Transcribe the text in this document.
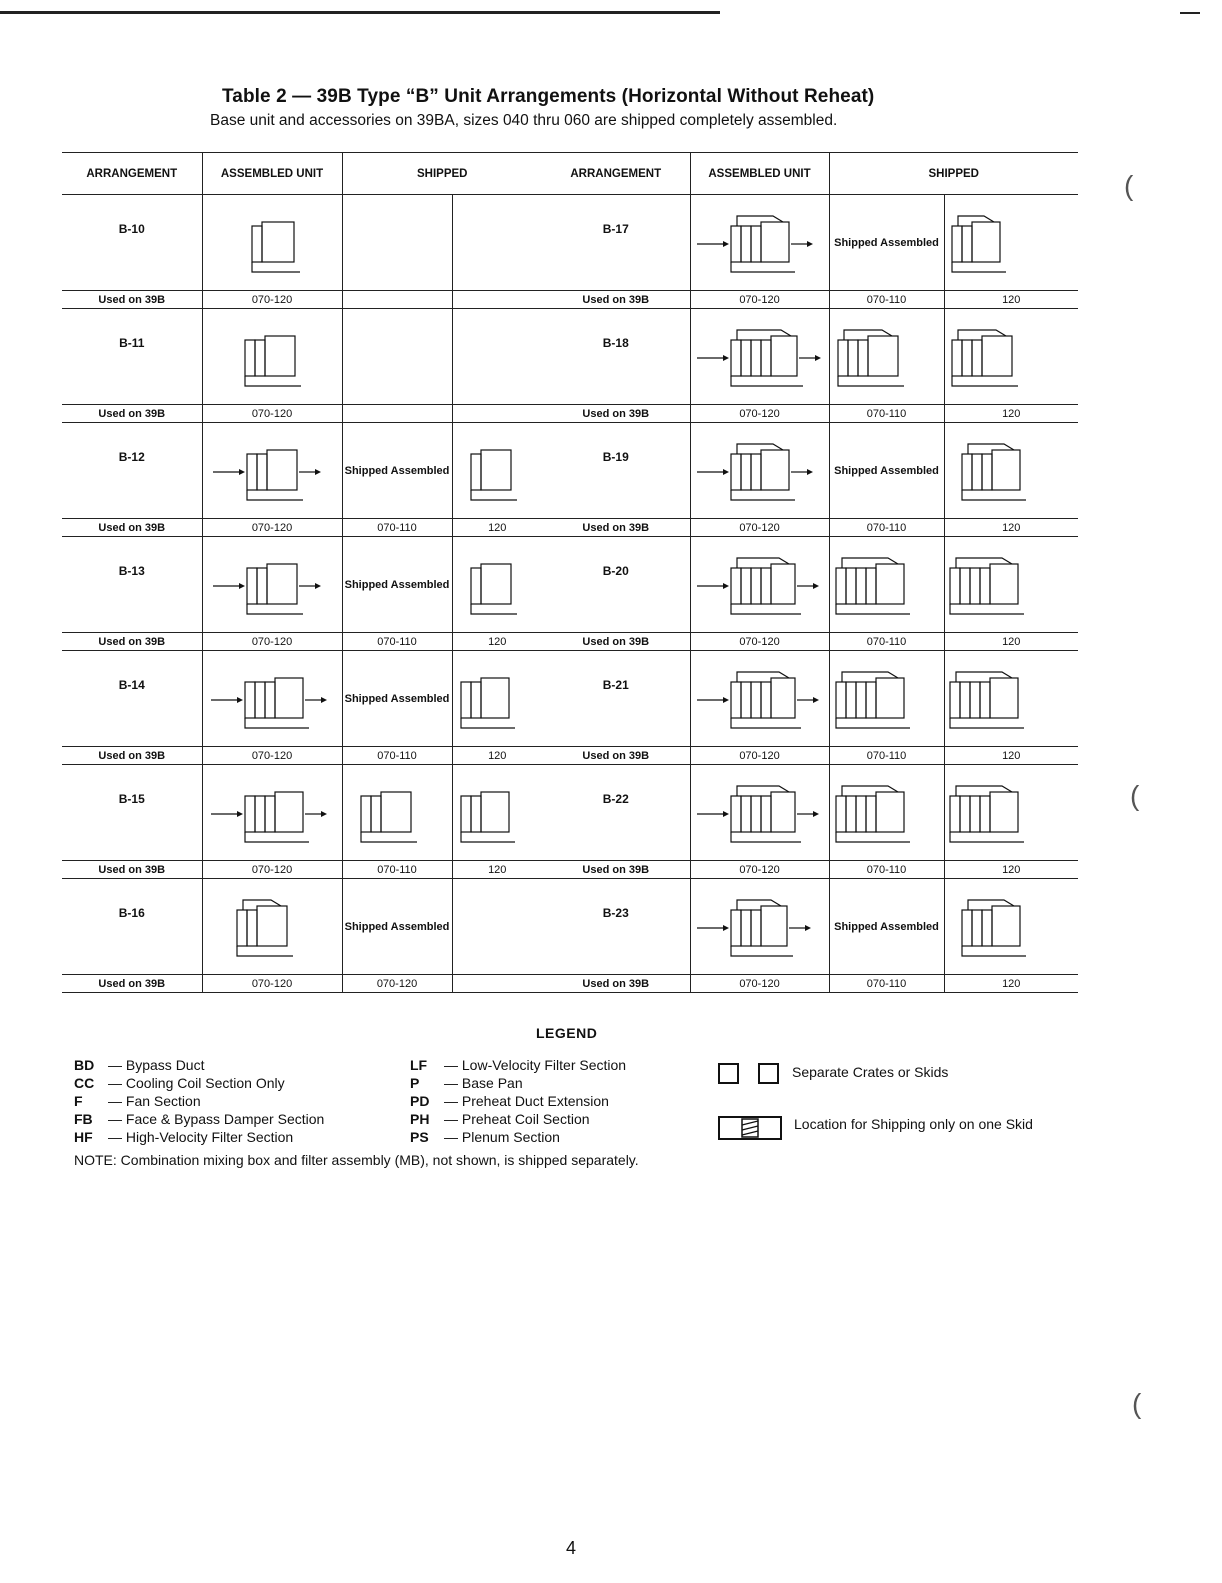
Table 2 — 39B Type “B” Unit Arrangements (Horizontal Without Reheat)
Base unit and accessories on 39BA, sizes 040 thru 060 are shipped completely assembled.
ARRANGEMENT	ASSEMBLED UNIT	SHIPPED	
B-10	

Used on 39B	070-120		
B-11	

Used on 39B	070-120		
B-12		Shipped Assembled

Used on 39B	070-120	070-110	120
B-13		Shipped Assembled

Used on 39B	070-120	070-110	120
B-14		Shipped Assembled

Used on 39B	070-120	070-110	120
B-15	

Used on 39B	070-120	070-110	120
B-16		Shipped Assembled	

Used on 39B	070-120	070-120	
ARRANGEMENT	ASSEMBLED UNIT	SHIPPED	
B-17		Shipped Assembled

Used on 39B	070-120	070-110	120
B-18	

Used on 39B	070-120	070-110	120
B-19		Shipped Assembled

Used on 39B	070-120	070-110	120
B-20	

Used on 39B	070-120	070-110	120
B-21	

Used on 39B	070-120	070-110	120
B-22	

Used on 39B	070-120	070-110	120
B-23		Shipped Assembled

Used on 39B	070-120	070-110	120
LEGEND
BD — Bypass Duct
CC — Cooling Coil Section Only
F — Fan Section
FB — Face & Bypass Damper Section
HF — High-Velocity Filter Section
LF — Low-Velocity Filter Section
P — Base Pan
PD — Preheat Duct Extension
PH — Preheat Coil Section
PS — Plenum Section
Separate Crates or Skids
Location for Shipping only on one Skid
NOTE: Combination mixing box and filter assembly (MB), not shown, is shipped separately.
4
(
(
(
